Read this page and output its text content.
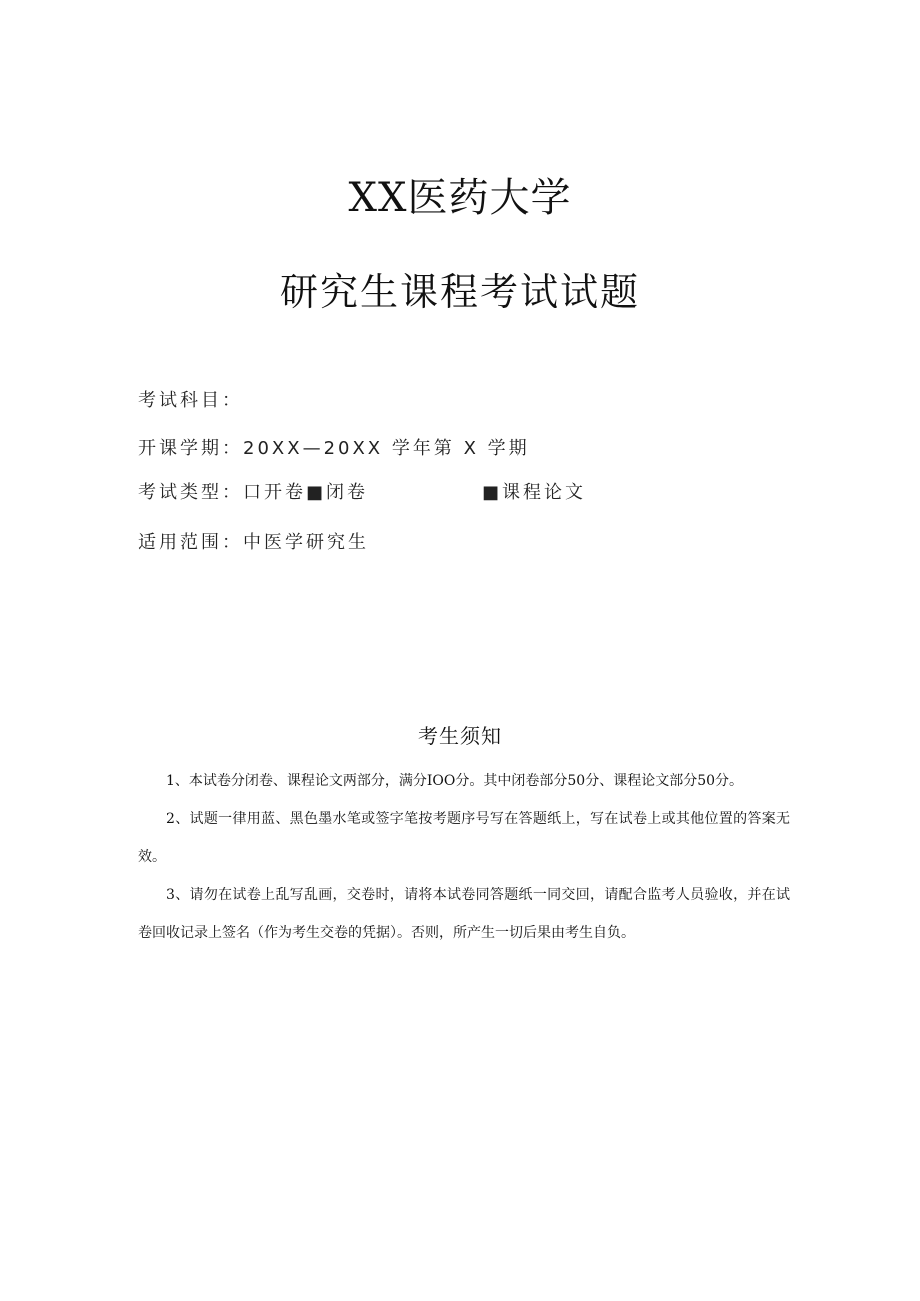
XX医药大学
研究生课程考试试题
考试科目：
开课学期：20XX—20XX 学年第 X 学期
考试类型：口开卷■闭卷	■课程论文
适用范围：中医学研究生
考生须知

1、本试卷分闭卷、课程论文两部分，满分IOO分。其中闭卷部分50分、课程论文部分50分。

2、试题一律用蓝、黑色墨水笔或签字笔按考题序号写在答题纸上，写在试卷上或其他位置的答案无效。

3、请勿在试卷上乱写乱画，交卷时，请将本试卷同答题纸一同交回，请配合监考人员验收，并在试卷回收记录上签名（作为考生交卷的凭据）。否则，所产生一切后果由考生自负。
